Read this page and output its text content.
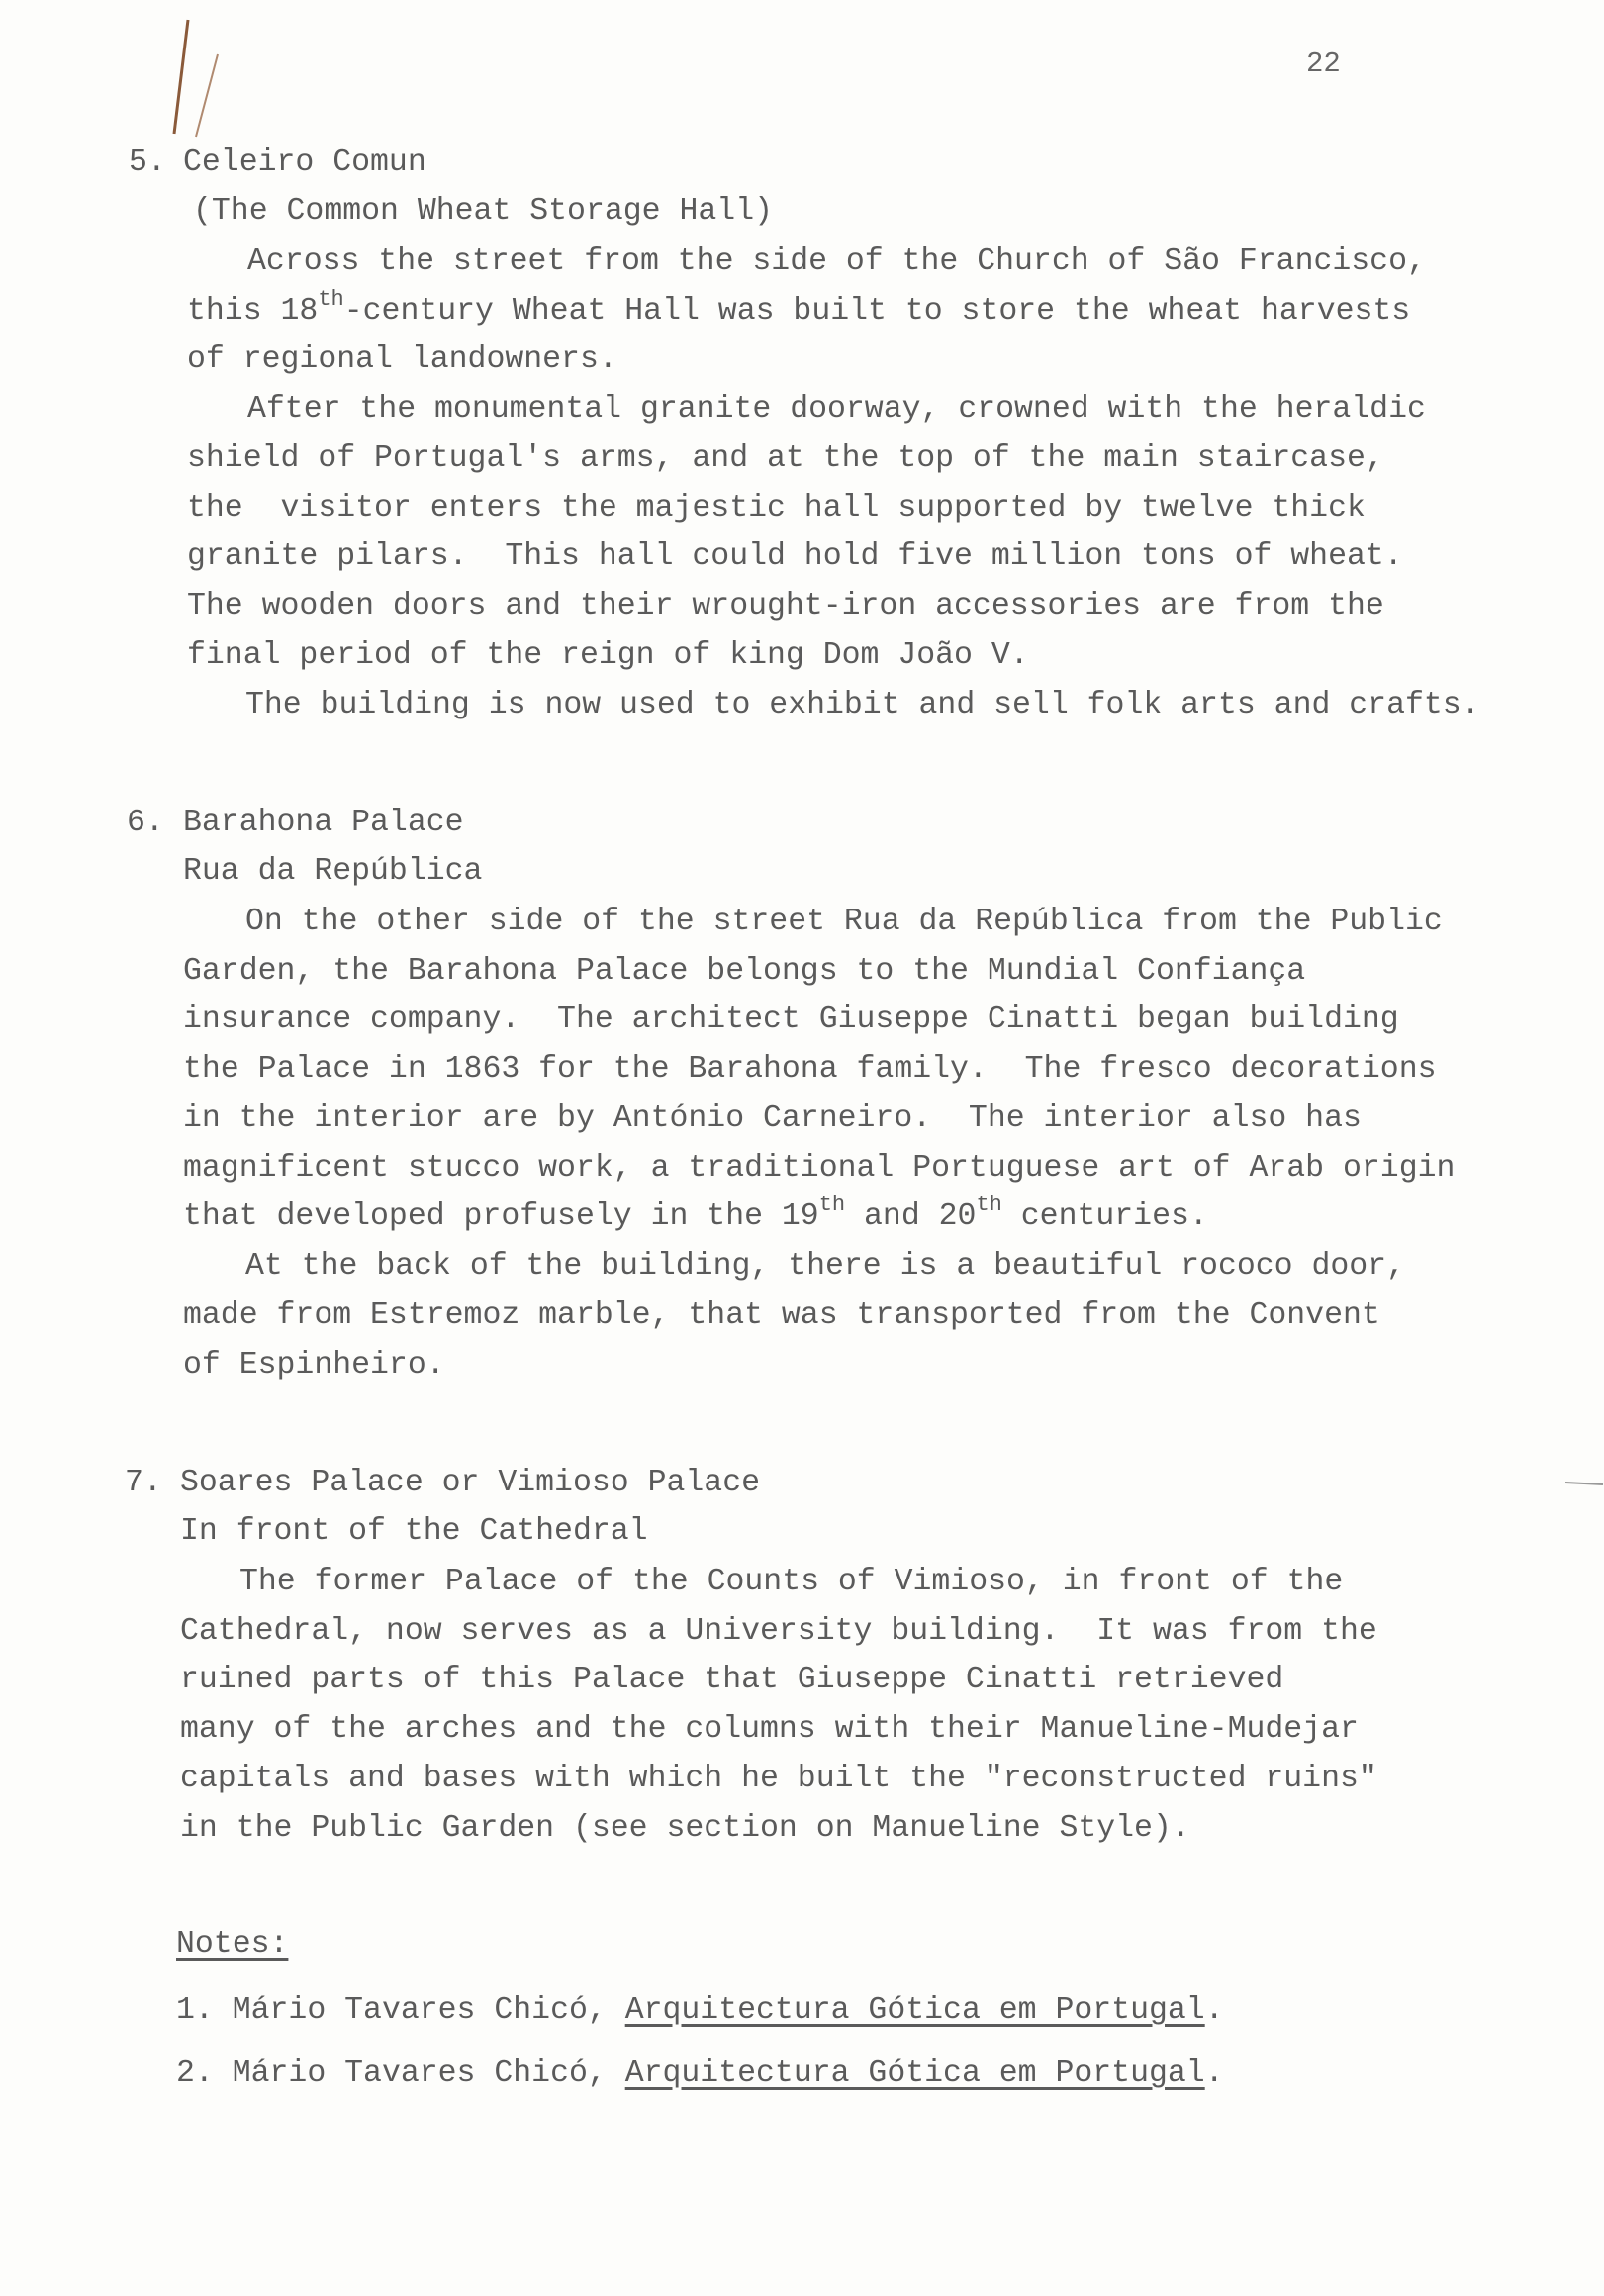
22
5. Celeiro Comun
(The Common Wheat Storage Hall)
Across the street from the side of the Church of São Francisco,
this 18th-century Wheat Hall was built to store the wheat harvests
of regional landowners.
After the monumental granite doorway, crowned with the heraldic
shield of Portugal's arms, and at the top of the main staircase,
the  visitor enters the majestic hall supported by twelve thick
granite pilars.  This hall could hold five million tons of wheat.
The wooden doors and their wrought-iron accessories are from the
final period of the reign of king Dom João V.
The building is now used to exhibit and sell folk arts and crafts.
6. Barahona Palace
Rua da República
On the other side of the street Rua da República from the Public
Garden, the Barahona Palace belongs to the Mundial Confiança
insurance company.  The architect Giuseppe Cinatti began building
the Palace in 1863 for the Barahona family.  The fresco decorations
in the interior are by António Carneiro.  The interior also has
magnificent stucco work, a traditional Portuguese art of Arab origin
that developed profusely in the 19th and 20th centuries.
At the back of the building, there is a beautiful rococo door,
made from Estremoz marble, that was transported from the Convent
of Espinheiro.
7. Soares Palace or Vimioso Palace
In front of the Cathedral
The former Palace of the Counts of Vimioso, in front of the
Cathedral, now serves as a University building.  It was from the
ruined parts of this Palace that Giuseppe Cinatti retrieved
many of the arches and the columns with their Manueline-Mudejar
capitals and bases with which he built the "reconstructed ruins"
in the Public Garden (see section on Manueline Style).
Notes:
1. Mário Tavares Chicó, Arquitectura Gótica em Portugal.
2. Mário Tavares Chicó, Arquitectura Gótica em Portugal.
